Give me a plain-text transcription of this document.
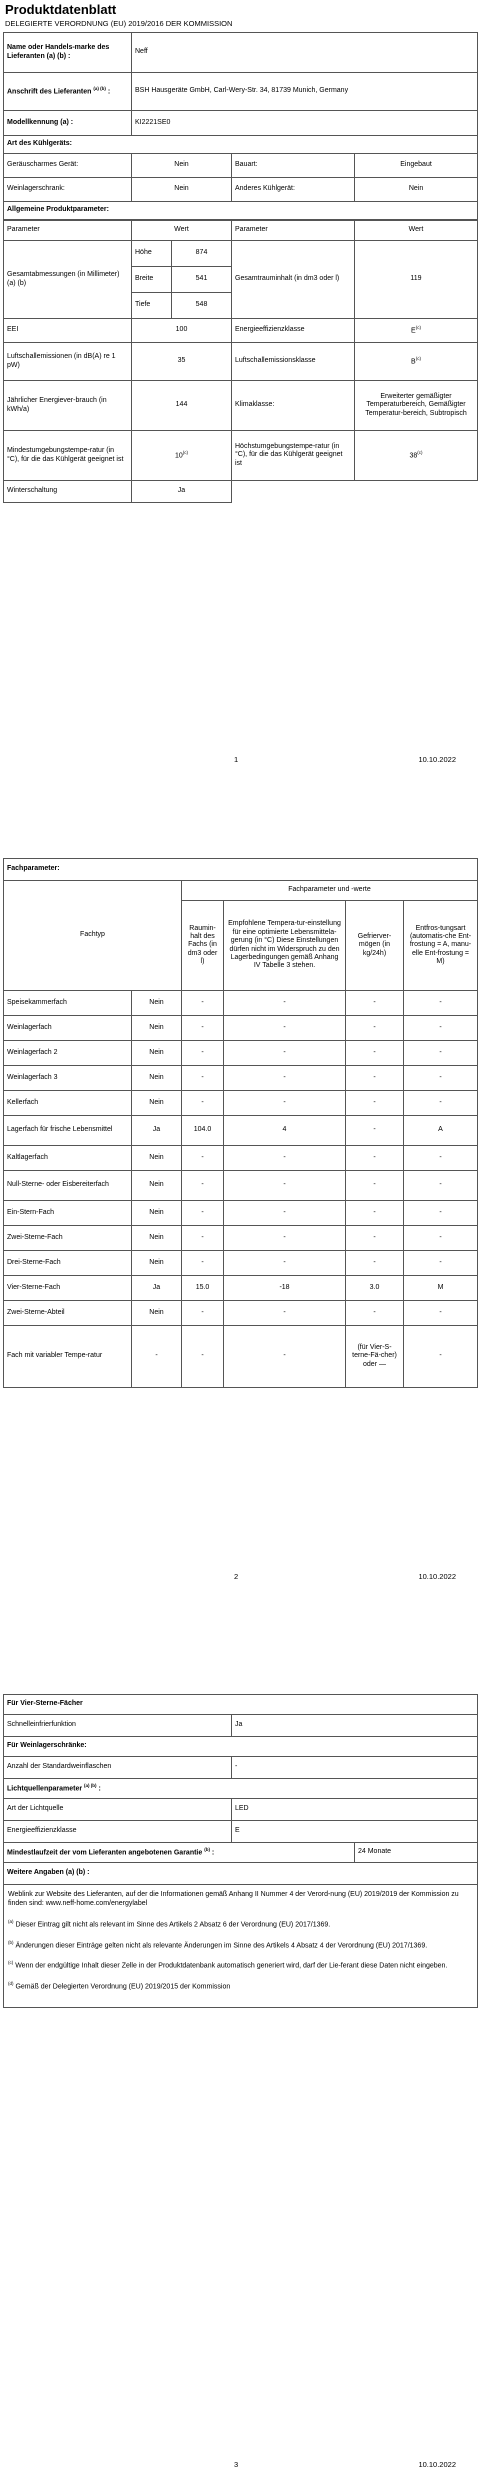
Produktdatenblatt
DELEGIERTE VERORDNUNG (EU) 2019/2016 DER KOMMISSION
Name oder Handels-marke des Lieferanten (a) (b) :	Neff
Anschrift des Lieferanten $^{(a) (b)}$ :	BSH Hausgeräte GmbH, Carl-Wery-Str. 34, 81739 Munich, Germany
Modellkennung (a) :	KI2221SE0
Art des Kühlgeräts:			
Geräuscharmes Gerät:	Nein	Bauart:	Eingebaut
Weinlagerschrank:	Nein	Anderes Kühlgerät:	Nein
Allgemeine Produktparameter:			
Parameter	Wert		Parameter	Wert
Gesamtabmessungen (in Millimeter) (a) (b)	Höhe	874	Gesamtrauminhalt (in dm3 oder l)	119
	Breite	541		
	Tiefe	548		
EEI	100		Energieeffizienzklasse	$E^{(c)}$
Luftschallemissionen (in dB(A) re 1 pW)	35		Luftschallemissionsklasse	$B^{(c)}$
Jährlicher Energiever-brauch (in kWh/a)	144		Klimaklasse:	Erweiterter gemäßigter Temperaturbereich, Gemäßigter Temperatur-bereich, Subtropisch
Mindestumgebungstempe-ratur (in °C), für die das Kühlgerät geeignet ist	10$^{(c)}$		Höchstumgebungstempe-ratur (in °C), für die das Kühlgerät geeignet ist	38$^{(c)}$
Winterschaltung	Ja			
1	10.10.2022
Fachparameter:					
Fachtyp		Fachparameter und -werte			
		Raumin-halt des Fachs (in dm3 oder l)	Empfohlene Tempera-tur-einstellung für eine optimierte Lebensmittela-gerung (in °C) Diese Einstellungen dürfen nicht im Widerspruch zu den Lagerbedingungen gemäß Anhang IV Tabelle 3 stehen.	Gefrierver-mögen (in kg/24h)	Entfros-tungsart (automatis-che Ent-frostung = A, manu-elle Ent-frostung = M)
Speisekammerfach	Nein	-	-	-	-
Weinlagerfach	Nein	-	-	-	-
Weinlagerfach 2	Nein	-	-	-	-
Weinlagerfach 3	Nein	-	-	-	-
Kellerfach	Nein	-	-	-	-
Lagerfach für frische Lebensmittel	Ja	104.0	4	-	A
Kaltlagerfach	Nein	-	-	-	-
Null-Sterne- oder Eisbereiterfach	Nein	-	-	-	-
Ein-Stern-Fach	Nein	-	-	-	-
Zwei-Sterne-Fach	Nein	-	-	-	-
Drei-Sterne-Fach	Nein	-	-	-	-
Vier-Sterne-Fach	Ja	15.0	-18	3.0	M
Zwei-Sterne-Abteil	Nein	-	-	-	-
Fach mit variabler Tempe-ratur	-	-	-	(für Vier-S-terne-Fä-cher) oder —	-
2	10.10.2022
Für Vier-Sterne-Fächer		
Schnelleinfrierfunktion	Ja	
Für Weinlagerschränke:		
Anzahl der Standardweinflaschen	-	
Lichtquellenparameter $^{(a) (b)}$ :		
Art der Lichtquelle	LED	
Energieeffizienzklasse	E	
Mindestlaufzeit der vom Lieferanten angebotenen Garantie $^{(b)}$ :		24 Monate
Weitere Angaben (a) (b) :		

Weblink zur Website des Lieferanten, auf der die Informationen gemäß Anhang II Nummer 4 der Verord-nung (EU) 2019/2019 der Kommission zu finden sind: www.neff-home.com/energylabel
$^{(a)}$ Dieser Eintrag gilt nicht als relevant im Sinne des Artikels 2 Absatz 6 der Verordnung (EU) 2017/1369.
$^{(b)}$ Änderungen dieser Einträge gelten nicht als relevante Änderungen im Sinne des Artikels 4 Absatz 4 der Verordnung (EU) 2017/1369.
$^{(c)}$ Wenn der endgültige Inhalt dieser Zelle in der Produktdatenbank automatisch generiert wird, darf der Lie-ferant diese Daten nicht eingeben.
$^{(d)}$ Gemäß der Delegierten Verordnung (EU) 2019/2015 der Kommission		
3	10.10.2022
